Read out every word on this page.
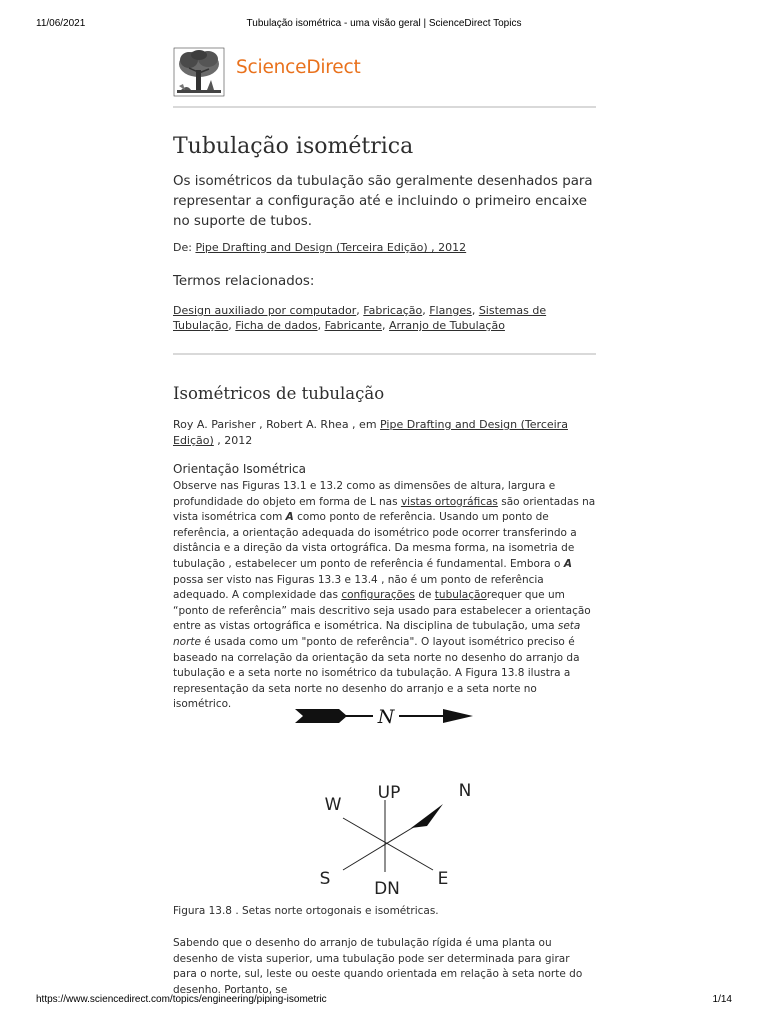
11/06/2021	Tubulação isométrica - uma visão geral | ScienceDirect Topics
ScienceDirect
Tubulação isométrica

Os isométricos da tubulação são geralmente desenhados para representar a configuração até e incluindo o primeiro encaixe no suporte de tubos.

De: Pipe Drafting and Design (Terceira Edição) , 2012

Termos relacionados:

Design auxiliado por computador, Fabricação, Flanges, Sistemas de Tubulação, Ficha de dados, Fabricante, Arranjo de Tubulação

Isométricos de tubulação

Roy A. Parisher , Robert A. Rhea , em Pipe Drafting and Design (Terceira Edição) , 2012

Orientação Isométrica

Observe nas Figuras 13.1 e 13.2 como as dimensões de altura, largura e profundidade do objeto em forma de L nas vistas ortográficas são orientadas na vista isométrica com A como ponto de referência. Usando um ponto de referência, a orientação adequada do isométrico pode ocorrer transferindo a distância e a direção da vista ortográfica. Da mesma forma, na isometria de tubulação , estabelecer um ponto de referência é fundamental. Embora o A possa ser visto nas Figuras 13.3 e 13.4 , não é um ponto de referência adequado. A complexidade das configurações de tubulaçãorequer que um “ponto de referência” mais descritivo seja usado para estabelecer a orientação entre as vistas ortográfica e isométrica. Na disciplina de tubulação, uma seta norte é usada como um "ponto de referência". O layout isométrico preciso é baseado na correlação da orientação da seta norte no desenho do arranjo da tubulação e a seta norte no isométrico da tubulação. A Figura 13.8 ilustra a representação da seta norte no desenho do arranjo e a seta norte no isométrico.

N
UP
DN
N
W
S	E
Figura 13.8 . Setas norte ortogonais e isométricas.

Sabendo que o desenho do arranjo de tubulação rígida é uma planta ou desenho de vista superior, uma tubulação pode ser determinada para girar para o norte, sul, leste ou oeste quando orientada em relação à seta norte do desenho. Portanto, se

https://www.sciencedirect.com/topics/engineering/piping-isometric	1/14
